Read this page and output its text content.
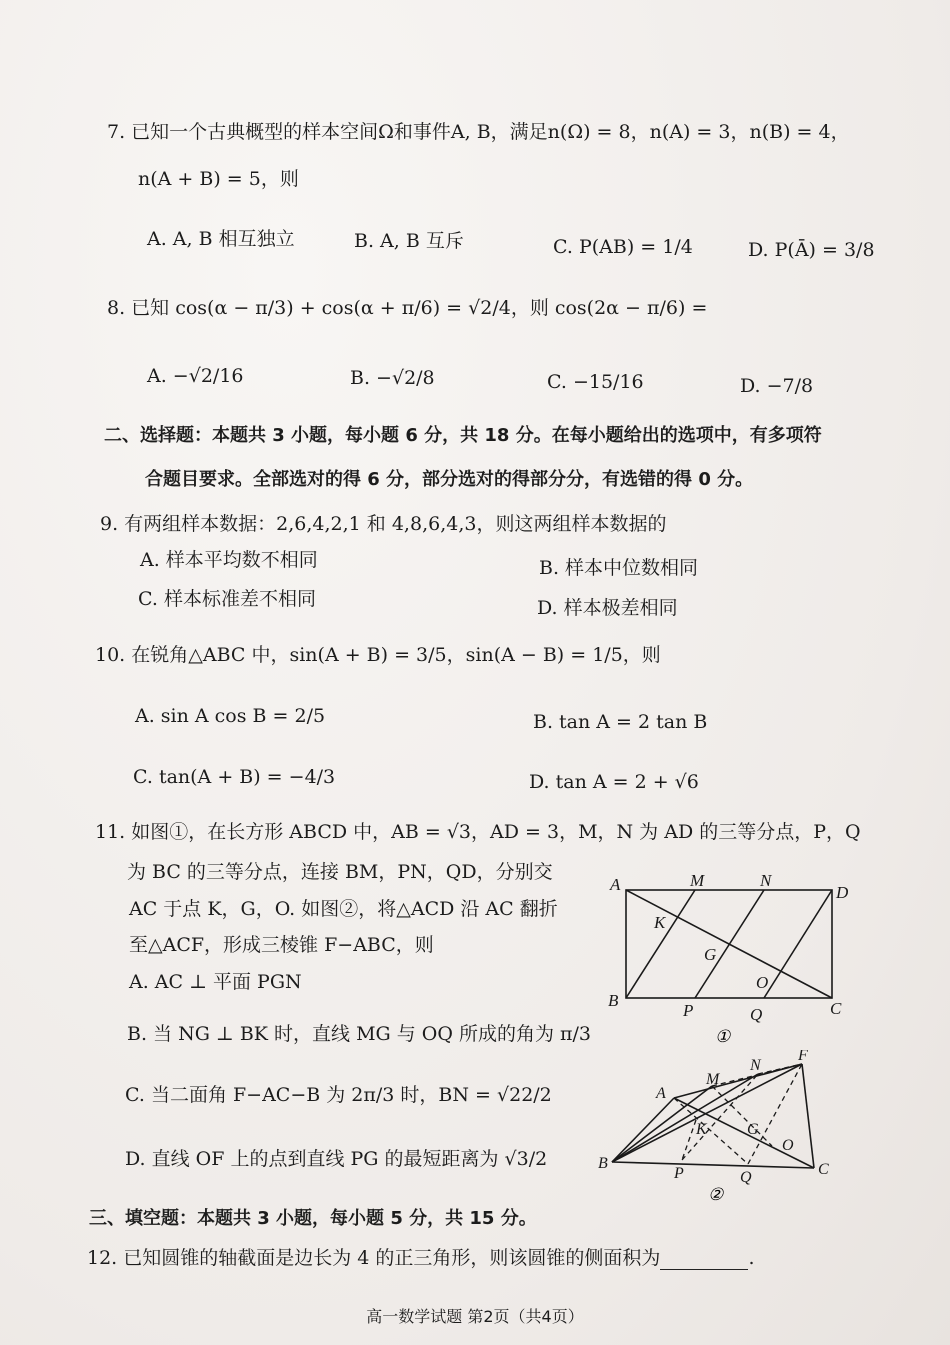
7. 已知一个古典概型的样本空间Ω和事件A, B，满足n(Ω) = 8，n(A) = 3，n(B) = 4，
n(A + B) = 5，则
A. A, B 相互独立	B. A, B 互斥	C. P(AB) = 1/4	D. P(Ā) = 3/8
8. 已知 cos(α − π/3) + cos(α + π/6) = √2/4，则 cos(2α − π/6) =
A. −√2/16	B. −√2/8	C. −15/16	D. −7/8
二、选择题：本题共 3 小题，每小题 6 分，共 18 分。在每小题给出的选项中，有多项符
合题目要求。全部选对的得 6 分，部分选对的得部分分，有选错的得 0 分。
9. 有两组样本数据：2,6,4,2,1 和 4,8,6,4,3，则这两组样本数据的
A. 样本平均数不相同	B. 样本中位数相同
C. 样本标准差不相同	D. 样本极差相同
10. 在锐角△ABC 中，sin(A + B) = 3/5，sin(A − B) = 1/5，则
A. sin A cos B = 2/5	B. tan A = 2 tan B
C. tan(A + B) = −4/3	D. tan A = 2 + √6
11. 如图①，在长方形 ABCD 中，AB = √3，AD = 3，M，N 为 AD 的三等分点，P，Q
为 BC 的三等分点，连接 BM，PN，QD，分别交
AC 于点 K，G，O. 如图②，将△ACD 沿 AC 翻折
至△ACF，形成三棱锥 F−ABC，则
A. AC ⊥ 平面 PGN
B. 当 NG ⊥ BK 时，直线 MG 与 OQ 所成的角为 π/3
C. 当二面角 F−AC−B 为 2π/3 时，BN = √22/2
D. 直线 OF 上的点到直线 PG 的最短距离为 √3/2
A	M	N
D
K
G
O
B
P	Q	C
①
A
M
N
F
K	G
O
B
P	Q	C
②
三、填空题：本题共 3 小题，每小题 5 分，共 15 分。
12. 已知圆锥的轴截面是边长为 4 的正三角形，则该圆锥的侧面积为	.
高一数学试题 第2页（共4页）
